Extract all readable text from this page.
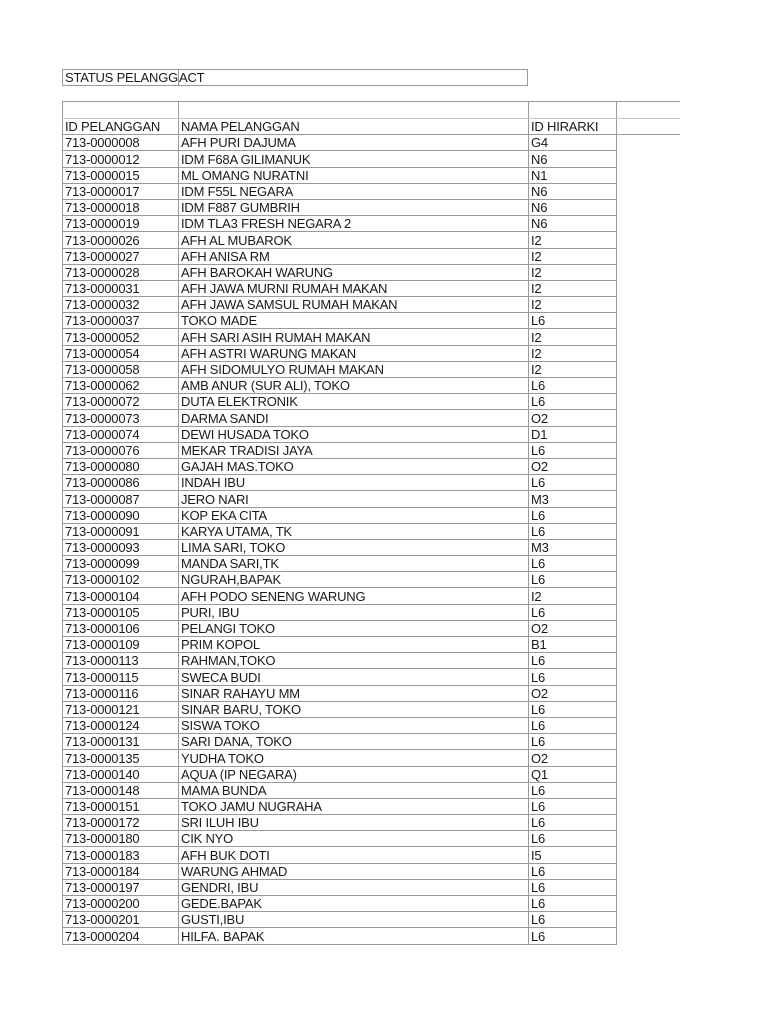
STATUS PELANGG ACT

ID PELANGGAN	NAMA PELANGGAN	ID HIRARKI	
713-0000008	AFH PURI DAJUMA	G4	
713-0000012	IDM F68A GILIMANUK	N6	
713-0000015	ML OMANG NURATNI	N1	
713-0000017	IDM F55L NEGARA	N6	
713-0000018	IDM F887 GUMBRIH	N6	
713-0000019	IDM TLA3 FRESH NEGARA 2	N6	
713-0000026	AFH AL MUBAROK	I2	
713-0000027	AFH ANISA RM	I2	
713-0000028	AFH BAROKAH WARUNG	I2	
713-0000031	AFH JAWA MURNI RUMAH MAKAN	I2	
713-0000032	AFH JAWA SAMSUL RUMAH MAKAN	I2	
713-0000037	TOKO MADE	L6	
713-0000052	AFH SARI ASIH RUMAH MAKAN	I2	
713-0000054	AFH ASTRI WARUNG MAKAN	I2	
713-0000058	AFH SIDOMULYO RUMAH MAKAN	I2	
713-0000062	AMB ANUR (SUR ALI), TOKO	L6	
713-0000072	DUTA ELEKTRONIK	L6	
713-0000073	DARMA SANDI	O2	
713-0000074	DEWI HUSADA TOKO	D1	
713-0000076	MEKAR TRADISI JAYA	L6	
713-0000080	GAJAH MAS.TOKO	O2	
713-0000086	INDAH IBU	L6	
713-0000087	JERO NARI	M3	
713-0000090	KOP EKA CITA	L6	
713-0000091	KARYA UTAMA, TK	L6	
713-0000093	LIMA SARI, TOKO	M3	
713-0000099	MANDA SARI,TK	L6	
713-0000102	NGURAH,BAPAK	L6	
713-0000104	AFH PODO SENENG WARUNG	I2	
713-0000105	PURI, IBU	L6	
713-0000106	PELANGI TOKO	O2	
713-0000109	PRIM KOPOL	B1	
713-0000113	RAHMAN,TOKO	L6	
713-0000115	SWECA BUDI	L6	
713-0000116	SINAR RAHAYU MM	O2	
713-0000121	SINAR BARU, TOKO	L6	
713-0000124	SISWA TOKO	L6	
713-0000131	SARI DANA, TOKO	L6	
713-0000135	YUDHA TOKO	O2	
713-0000140	AQUA (IP NEGARA)	Q1	
713-0000148	MAMA BUNDA	L6	
713-0000151	TOKO JAMU NUGRAHA	L6	
713-0000172	SRI ILUH IBU	L6	
713-0000180	CIK NYO	L6	
713-0000183	AFH BUK DOTI	I5	
713-0000184	WARUNG AHMAD	L6	
713-0000197	GENDRI, IBU	L6	
713-0000200	GEDE.BAPAK	L6	
713-0000201	GUSTI,IBU	L6	
713-0000204	HILFA. BAPAK	L6	
